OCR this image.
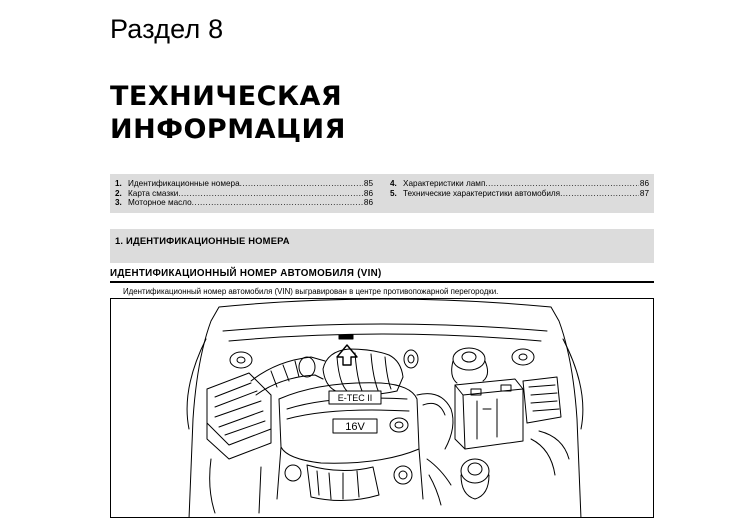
Раздел 8
ТЕХНИЧЕСКАЯ
ИНФОРМАЦИЯ
1. Идентификационные номера .....	85
2. Карта смазки .....	86
3. Моторное масло .....	86
4. Характеристики ламп .....	86
5. Технические характеристики автомобиля .....	87
1. ИДЕНТИФИКАЦИОННЫЕ НОМЕРА
ИДЕНТИФИКАЦИОННЫЙ НОМЕР АВТОМОБИЛЯ (VIN)
Идентификационный номер автомобиля (VIN) выгравирован в центре противопожарной перегородки.
E-TEC II
16V
